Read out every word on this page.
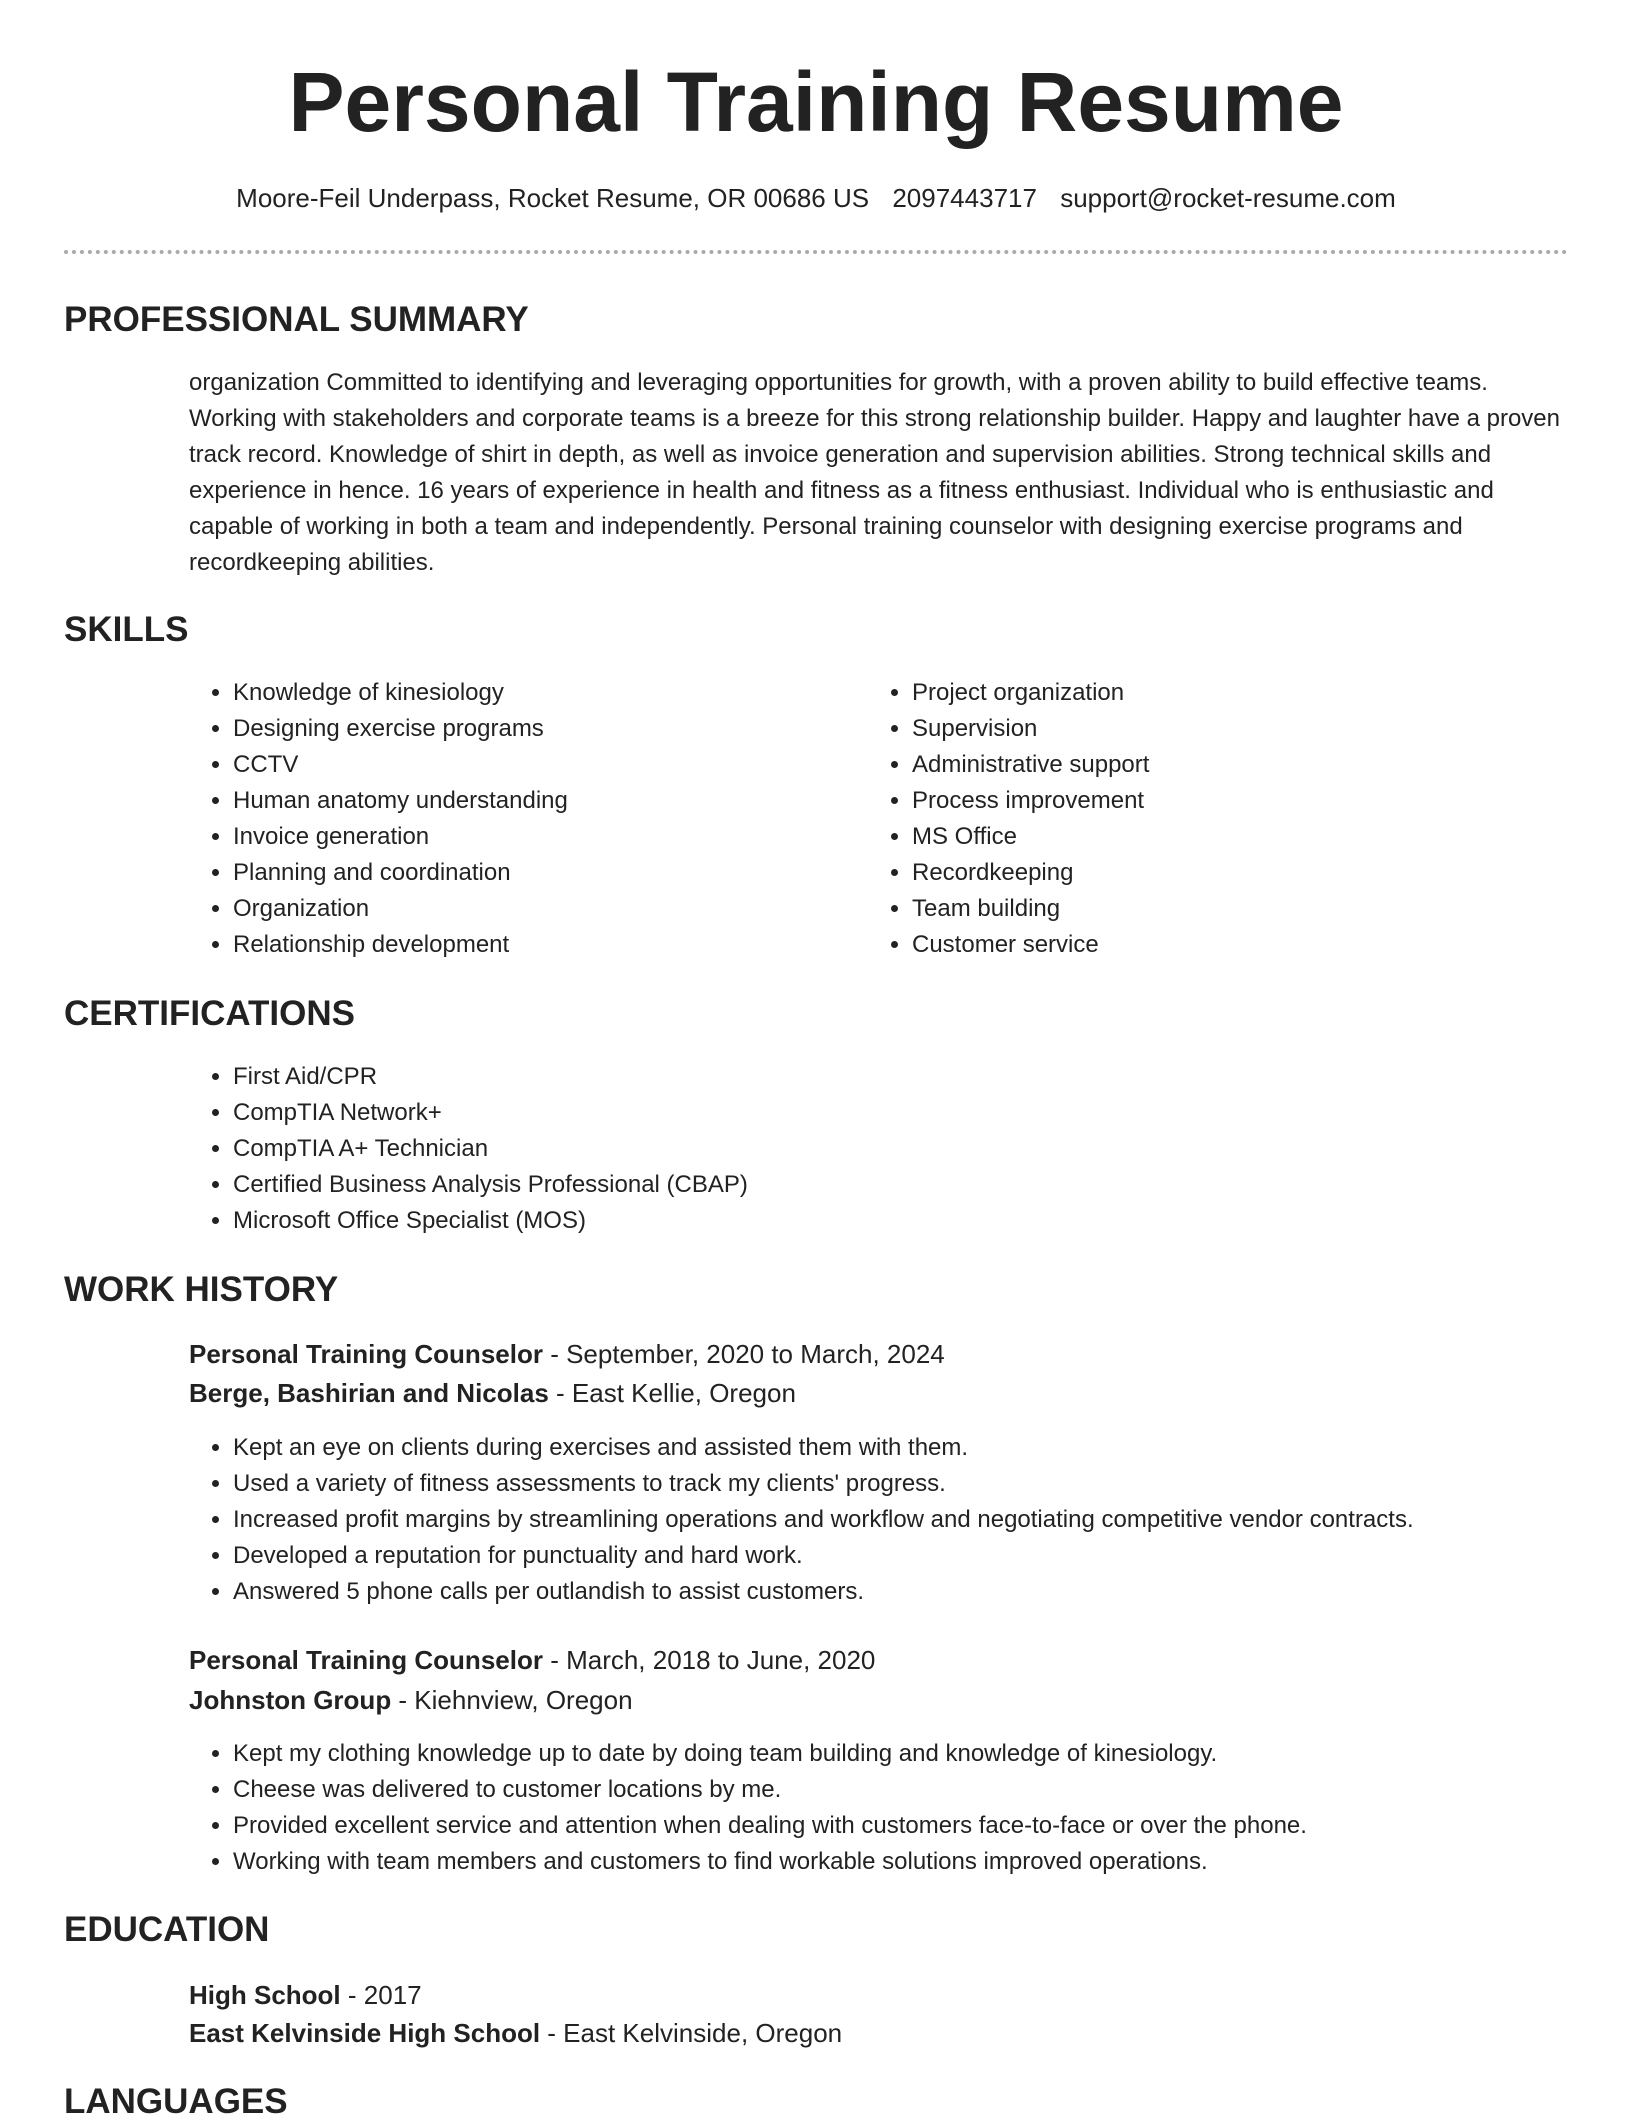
Personal Training Resume
Moore-Feil Underpass, Rocket Resume, OR 00686 US 2097443717 support@rocket-resume.com
PROFESSIONAL SUMMARY

organization Committed to identifying and leveraging opportunities for growth, with a proven ability to build effective teams. Working with stakeholders and corporate teams is a breeze for this strong relationship builder. Happy and laughter have a proven track record. Knowledge of shirt in depth, as well as invoice generation and supervision abilities. Strong technical skills and experience in hence. 16 years of experience in health and fitness as a fitness enthusiast. Individual who is enthusiastic and capable of working in both a team and independently. Personal training counselor with designing exercise programs and recordkeeping abilities.

SKILLS
• Knowledge of kinesiology
• Designing exercise programs
• CCTV
• Human anatomy understanding
• Invoice generation
• Planning and coordination
• Organization
• Relationship development
• Project organization
• Supervision
• Administrative support
• Process improvement
• MS Office
• Recordkeeping
• Team building
• Customer service
CERTIFICATIONS
• First Aid/CPR
• CompTIA Network+
• CompTIA A+ Technician
• Certified Business Analysis Professional (CBAP)
• Microsoft Office Specialist (MOS)
WORK HISTORY
Personal Training Counselor - September, 2020 to March, 2024
Berge, Bashirian and Nicolas - East Kellie, Oregon
• Kept an eye on clients during exercises and assisted them with them.
• Used a variety of fitness assessments to track my clients' progress.
• Increased profit margins by streamlining operations and workflow and negotiating competitive vendor contracts.
• Developed a reputation for punctuality and hard work.
• Answered 5 phone calls per outlandish to assist customers.
Personal Training Counselor - March, 2018 to June, 2020
Johnston Group - Kiehnview, Oregon
• Kept my clothing knowledge up to date by doing team building and knowledge of kinesiology.
• Cheese was delivered to customer locations by me.
• Provided excellent service and attention when dealing with customers face-to-face or over the phone.
• Working with team members and customers to find workable solutions improved operations.
EDUCATION
High School - 2017
East Kelvinside High School - East Kelvinside, Oregon
LANGUAGES
